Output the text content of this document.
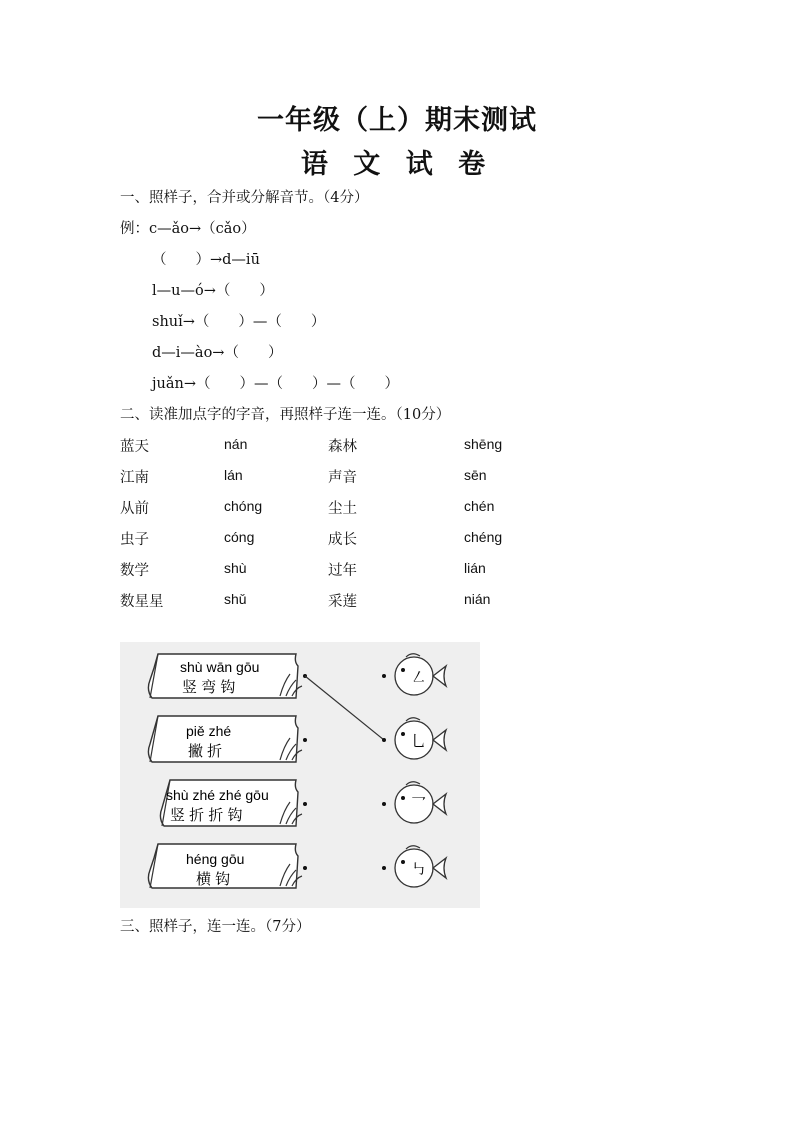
一年级（上）期末测试
语 文 试 卷
一、照样子，合并或分解音节。（4分）
例：c—ǎo→（cǎo）
（　　）→d—iū
l—u—ó→（　　）
shuǐ→（　　）—（　　）
d—i—ào→（　　）
juǎn→（　　）—（　　）—（　　）
二、读准加点字的字音，再照样子连一连。（10分）
蓝天	nán	森林	shēng
江南	lán	声音	sēn
从前	chóng	尘土	chén
虫子	cóng	成长	chéng
数学	shù	过年	lián
数星星	shǔ	采莲	nián
shù wān gōu
竖 弯 钩
piě zhé
撇 折
shù zhé zhé gōu
竖 折 折 钩
héng gōu
横 钩
㇜
乚
乛
㇉
三、照样子，连一连。（7分）
